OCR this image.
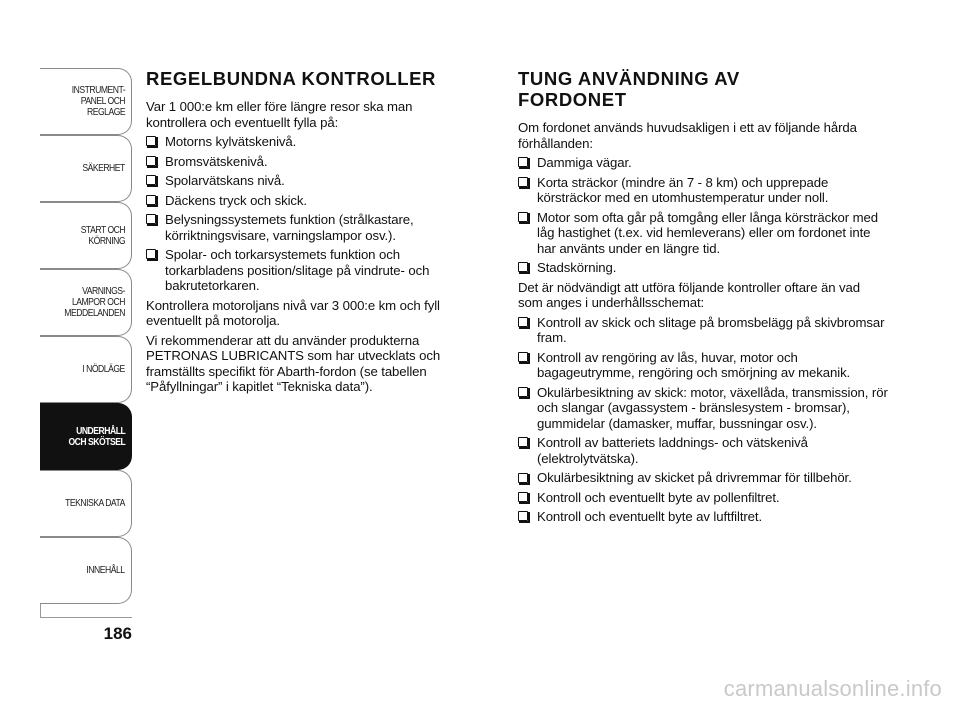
INSTRUMENT-
PANEL OCH
REGLAGE
SÄKERHET
START OCH
KÖRNING
VARNINGS-
LAMPOR OCH
MEDDELANDEN
I NÖDLÄGE
UNDERHÅLL
OCH SKÖTSEL
TEKNISKA DATA
INNEHÅLL
186
REGELBUNDNA KONTROLLER

Var 1 000:e km eller före längre resor ska man kontrollera och eventuellt fylla på:

Motorns kylvätskenivå.
Bromsvätskenivå.
Spolarvätskans nivå.
Däckens tryck och skick.
Belysningssystemets funktion (strålkastare, körriktningsvisare, varningslampor osv.).
Spolar- och torkarsystemets funktion och torkarbladens position/slitage på vindrute- och bakrutetorkaren.

Kontrollera motoroljans nivå var 3 000:e km och fyll eventuellt på motorolja.

Vi rekommenderar att du använder produkterna PETRONAS LUBRICANTS som har utvecklats och framställts specifikt för Abarth-fordon (se tabellen “Påfyllningar” i kapitlet “Tekniska data”).

TUNG ANVÄNDNING AV FORDONET

Om fordonet används huvudsakligen i ett av följande hårda förhållanden:

Dammiga vägar.
Korta sträckor (mindre än 7 - 8 km) och upprepade körsträckor med en utomhustemperatur under noll.
Motor som ofta går på tomgång eller långa körsträckor med låg hastighet (t.ex. vid hemleverans) eller om fordonet inte har använts under en längre tid.
Stadskörning.

Det är nödvändigt att utföra följande kontroller oftare än vad som anges i underhållsschemat:

Kontroll av skick och slitage på bromsbelägg på skivbromsar fram.
Kontroll av rengöring av lås, huvar, motor och bagageutrymme, rengöring och smörjning av mekanik.
Okulärbesiktning av skick: motor, växellåda, transmission, rör och slangar (avgassystem - bränslesystem - bromsar), gummidelar (damasker, muffar, bussningar osv.).
Kontroll av batteriets laddnings- och vätskenivå (elektrolytvätska).

Okulärbesiktning av skicket på drivremmar för tillbehör.

Kontroll och eventuellt byte av pollenfiltret.
Kontroll och eventuellt byte av luftfiltret.
carmanualsonline.info
